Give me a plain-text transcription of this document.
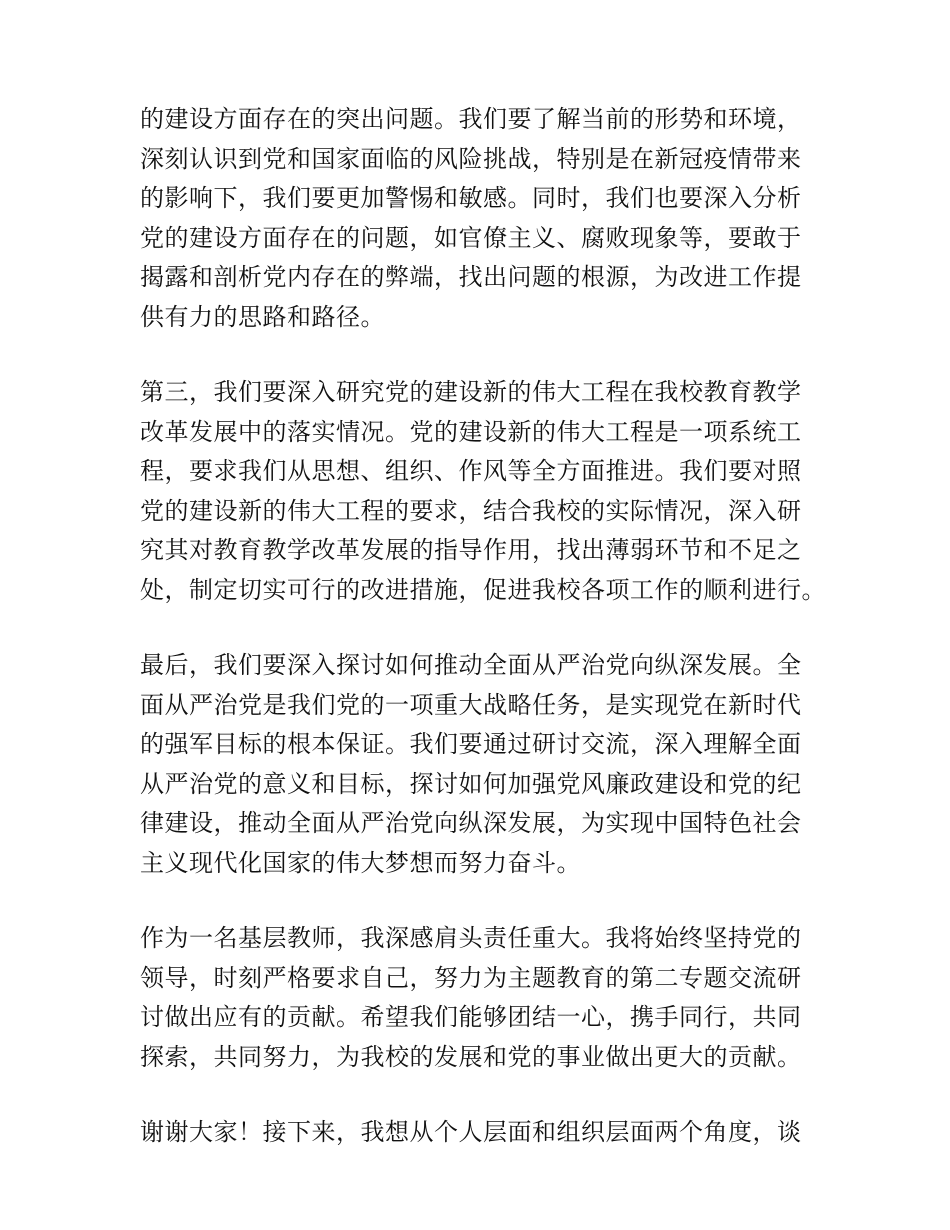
的建设方面存在的突出问题。我们要了解当前的形势和环境，
深刻认识到党和国家面临的风险挑战，特别是在新冠疫情带来
的影响下，我们要更加警惕和敏感。同时，我们也要深入分析
党的建设方面存在的问题，如官僚主义、腐败现象等，要敢于
揭露和剖析党内存在的弊端，找出问题的根源，为改进工作提
供有力的思路和路径。
第三，我们要深入研究党的建设新的伟大工程在我校教育教学
改革发展中的落实情况。党的建设新的伟大工程是一项系统工
程，要求我们从思想、组织、作风等全方面推进。我们要对照
党的建设新的伟大工程的要求，结合我校的实际情况，深入研
究其对教育教学改革发展的指导作用，找出薄弱环节和不足之
处，制定切实可行的改进措施，促进我校各项工作的顺利进行。
最后，我们要深入探讨如何推动全面从严治党向纵深发展。全
面从严治党是我们党的一项重大战略任务，是实现党在新时代
的强军目标的根本保证。我们要通过研讨交流，深入理解全面
从严治党的意义和目标，探讨如何加强党风廉政建设和党的纪
律建设，推动全面从严治党向纵深发展，为实现中国特色社会
主义现代化国家的伟大梦想而努力奋斗。
作为一名基层教师，我深感肩头责任重大。我将始终坚持党的
领导，时刻严格要求自己，努力为主题教育的第二专题交流研
讨做出应有的贡献。希望我们能够团结一心，携手同行，共同
探索，共同努力，为我校的发展和党的事业做出更大的贡献。
谢谢大家！接下来，我想从个人层面和组织层面两个角度，谈
